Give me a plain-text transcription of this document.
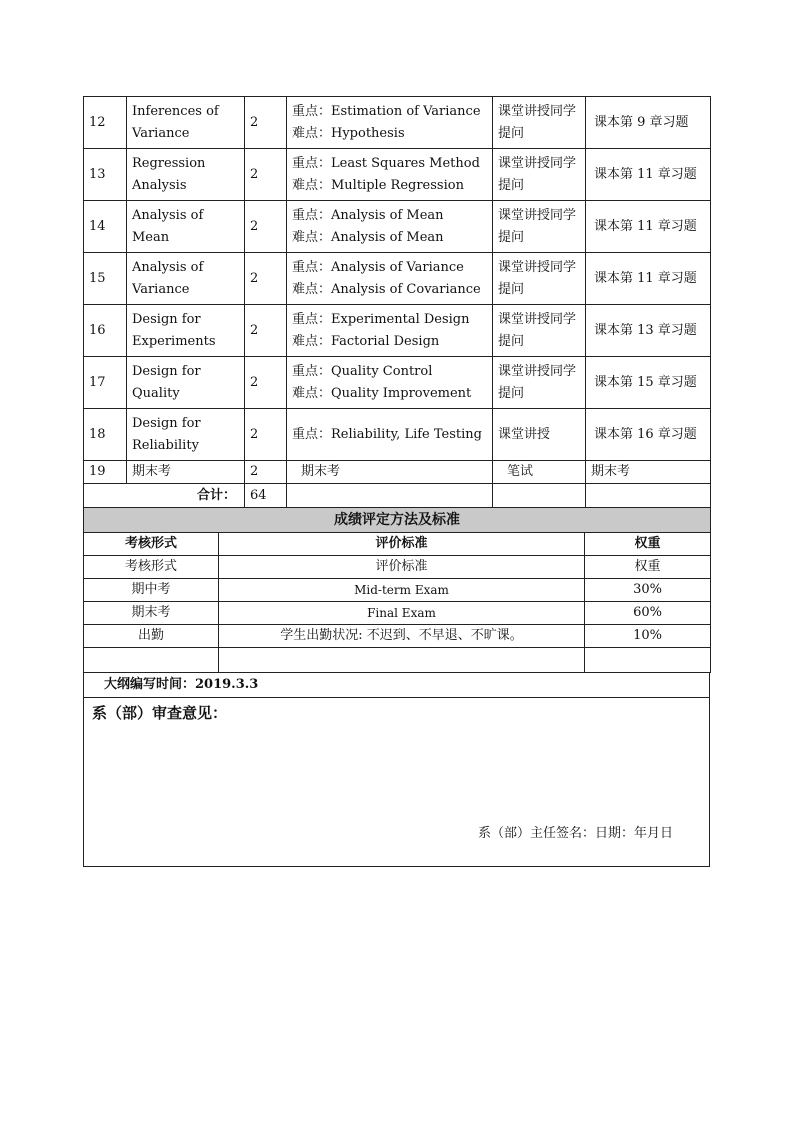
12	Inferences of Variance	2	重点：Estimation of Variance
难点：Hypothesis	课堂讲授同学提问	课本第 9 章习题
13	Regression Analysis	2	重点：Least Squares Method
难点：Multiple Regression	课堂讲授同学提问	课本第 11 章习题
14	Analysis of Mean	2	重点：Analysis of Mean
难点：Analysis of Mean	课堂讲授同学提问	课本第 11 章习题
15	Analysis of Variance	2	重点：Analysis of Variance
难点：Analysis of Covariance	课堂讲授同学提问	课本第 11 章习题
16	Design for Experiments	2	重点：Experimental Design
难点：Factorial Design	课堂讲授同学提问	课本第 13 章习题
17	Design for Quality	2	重点：Quality Control
难点：Quality Improvement	课堂讲授同学提问	课本第 15 章习题
18	Design for Reliability	2	重点：Reliability, Life Testing	课堂讲授	课本第 16 章习题
19	期末考	2	期末考	笔试	期末考
合计：		64			
成绩评定方法及标准		
考核形式	评价标准	权重
考核形式	评价标准	权重
期中考	Mid-term Exam	30%
期末考	Final Exam	60%
出勤	学生出勤状况: 不迟到、不早退、不旷课。	10%

大纲编写时间：2019.3.3
系（部）审查意见：
系（部）主任签名：日期：年月日
